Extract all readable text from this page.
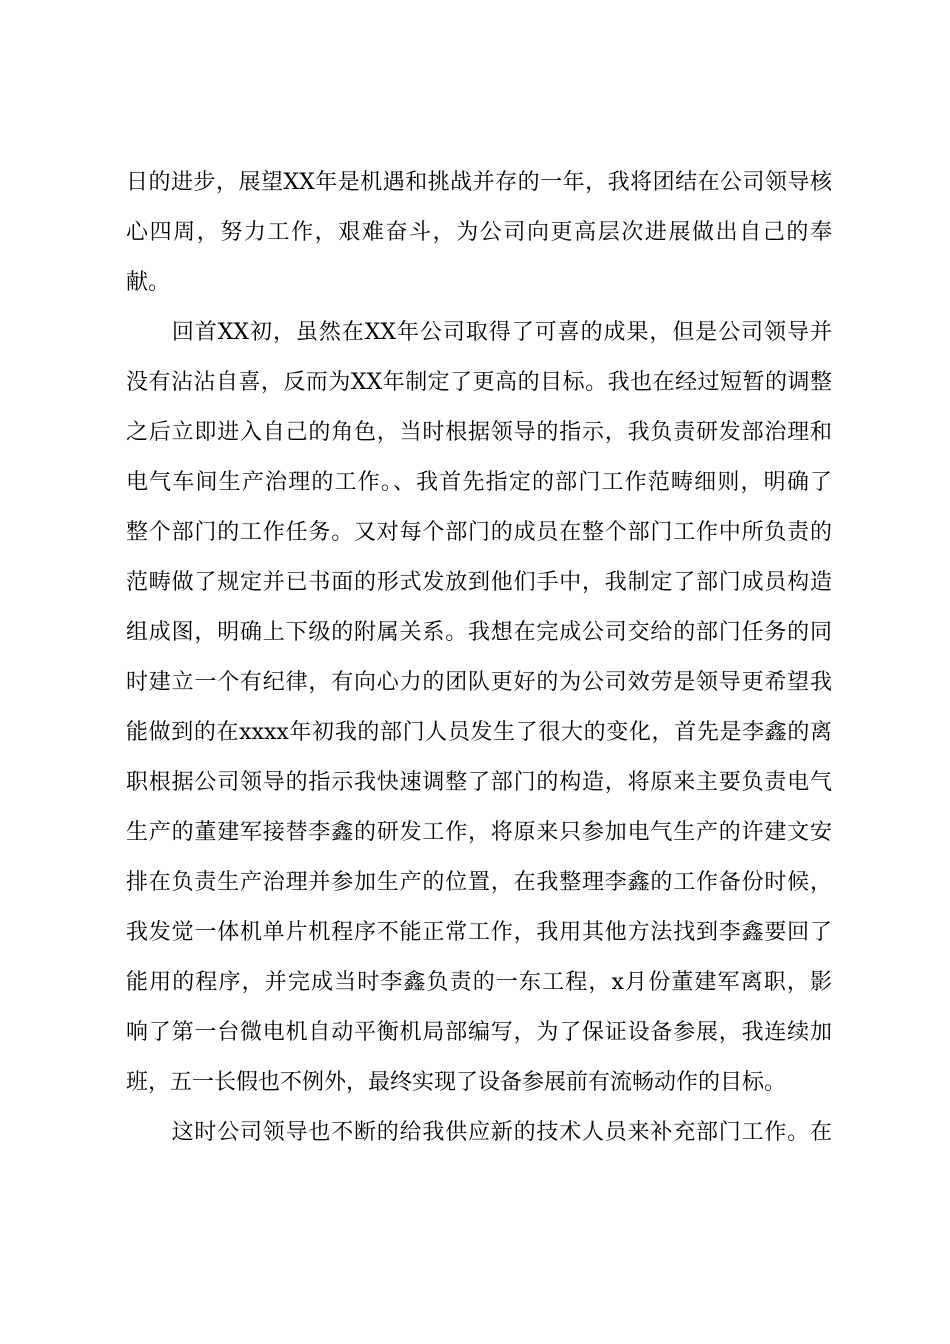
日的进步，展望XX年是机遇和挑战并存的一年，我将团结在公司领导核
心四周，努力工作，艰难奋斗，为公司向更高层次进展做出自己的奉
献。
　　回首XX初，虽然在XX年公司取得了可喜的成果，但是公司领导并
没有沾沾自喜，反而为XX年制定了更高的目标。我也在经过短暂的调整
之后立即进入自己的角色，当时根据领导的指示，我负责研发部治理和
电气车间生产治理的工作。、我首先指定的部门工作范畴细则，明确了
整个部门的工作任务。又对每个部门的成员在整个部门工作中所负责的
范畴做了规定并已书面的形式发放到他们手中，我制定了部门成员构造
组成图，明确上下级的附属关系。我想在完成公司交给的部门任务的同
时建立一个有纪律，有向心力的团队更好的为公司效劳是领导更希望我
能做到的在xxxx年初我的部门人员发生了很大的变化，首先是李鑫的离
职根据公司领导的指示我快速调整了部门的构造，将原来主要负责电气
生产的董建军接替李鑫的研发工作，将原来只参加电气生产的许建文安
排在负责生产治理并参加生产的位置，在我整理李鑫的工作备份时候，
我发觉一体机单片机程序不能正常工作，我用其他方法找到李鑫要回了
能用的程序，并完成当时李鑫负责的一东工程，x月份董建军离职，影
响了第一台微电机自动平衡机局部编写，为了保证设备参展，我连续加
班，五一长假也不例外，最终实现了设备参展前有流畅动作的目标。
　　这时公司领导也不断的给我供应新的技术人员来补充部门工作。在
